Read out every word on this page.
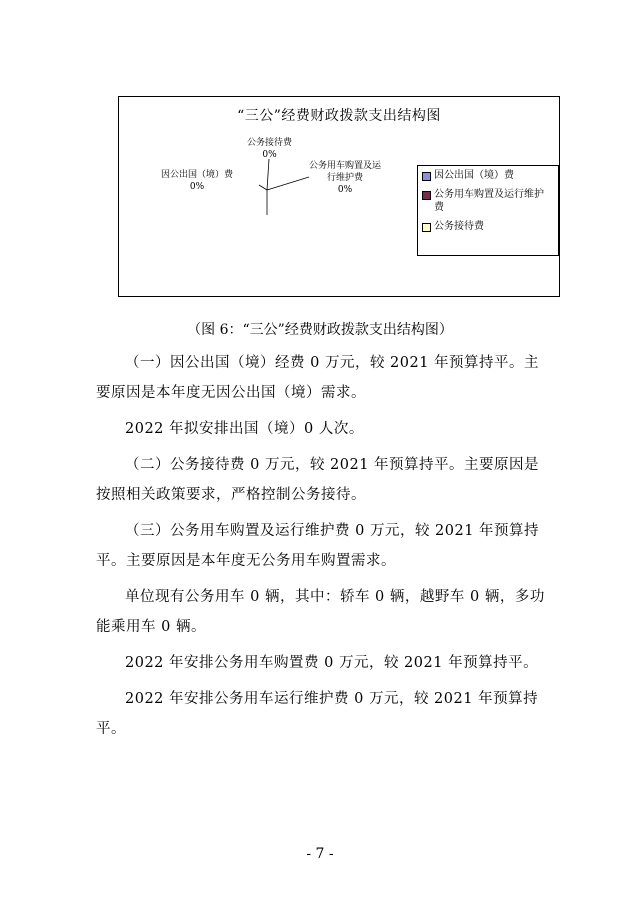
“三公”经费财政拨款支出结构图
公务接待费
0%
因公出国（境）费
0%
公务用车购置及运
行维护费
0%
因公出国（境）费
公务用车购置及运行维护
费
公务接待费
（图 6：“三公”经费财政拨款支出结构图）

（一）因公出国（境）经费 0 万元，较 2021 年预算持平。主要原因是本年度无因公出国（境）需求。

2022 年拟安排出国（境）0 人次。

（二）公务接待费 0 万元，较 2021 年预算持平。主要原因是按照相关政策要求，严格控制公务接待。

（三）公务用车购置及运行维护费 0 万元，较 2021 年预算持平。主要原因是本年度无公务用车购置需求。

单位现有公务用车 0 辆，其中：轿车 0 辆，越野车 0 辆，多功能乘用车 0 辆。

2022 年安排公务用车购置费 0 万元，较 2021 年预算持平。

2022 年安排公务用车运行维护费 0 万元，较 2021 年预算持平。

- 7 -
